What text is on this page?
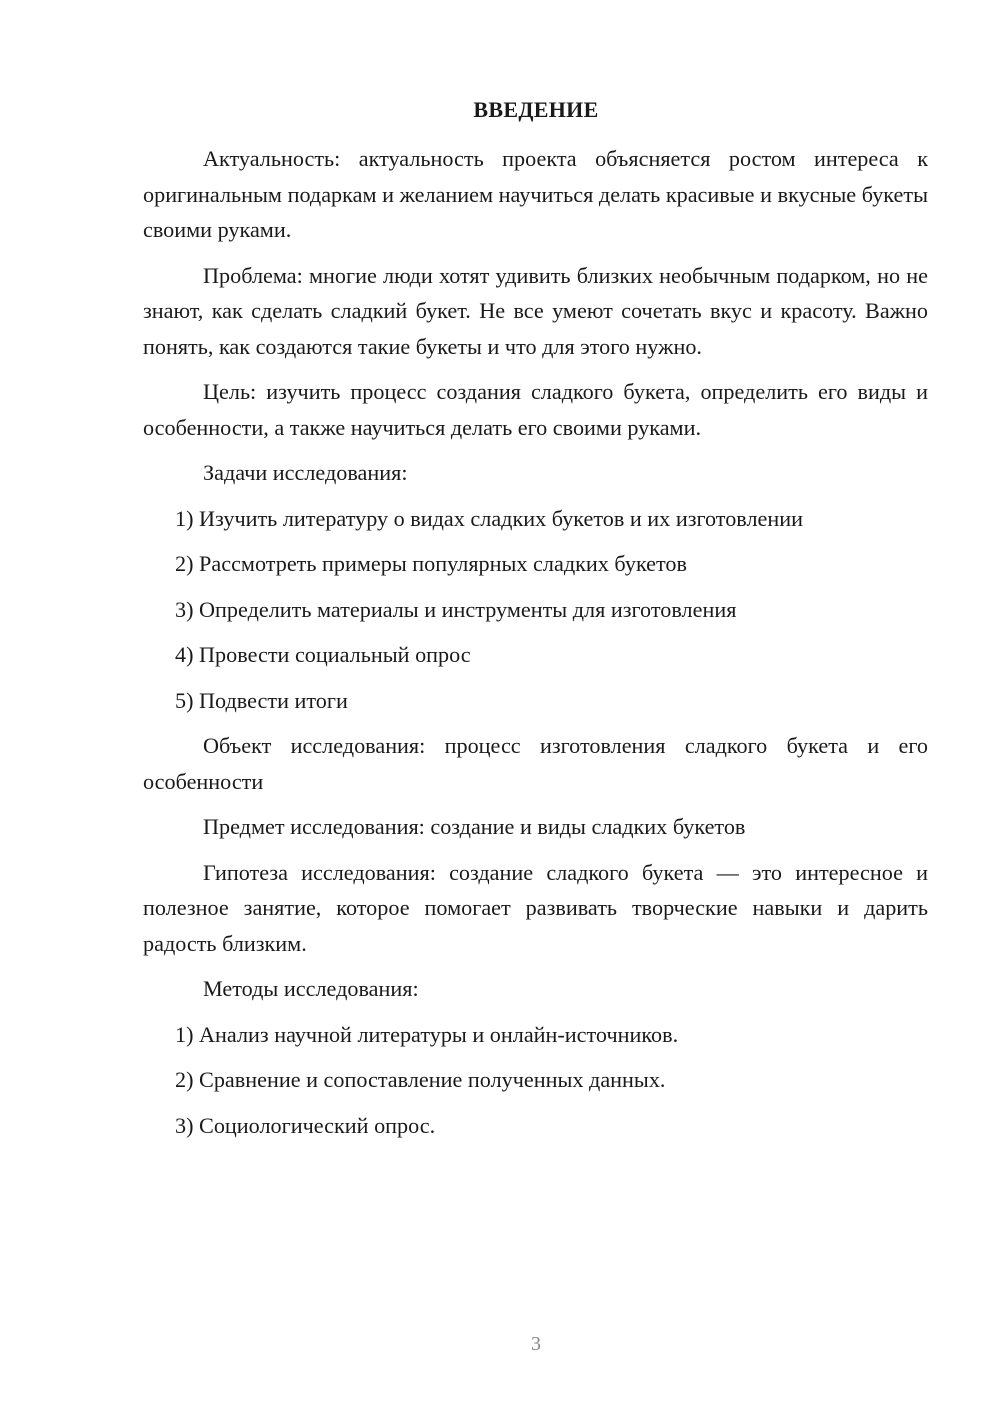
ВВЕДЕНИЕ

Актуальность: актуальность проекта объясняется ростом интереса к оригинальным подаркам и желанием научиться делать красивые и вкусные букеты своими руками.

Проблема: многие люди хотят удивить близких необычным подарком, но не знают, как сделать сладкий букет. Не все умеют сочетать вкус и красоту. Важно понять, как создаются такие букеты и что для этого нужно.

Цель: изучить процесс создания сладкого букета, определить его виды и особенности, а также научиться делать его своими руками.

Задачи исследования:

1) Изучить литературу о видах сладких букетов и их изготовлении
2) Рассмотреть примеры популярных сладких букетов
3) Определить материалы и инструменты для изготовления
4) Провести социальный опрос
5) Подвести итоги

Объект исследования: процесс изготовления сладкого букета и его особенности

Предмет исследования: создание и виды сладких букетов

Гипотеза исследования: создание сладкого букета — это интересное и полезное занятие, которое помогает развивать творческие навыки и дарить радость близким.

Методы исследования:

1) Анализ научной литературы и онлайн-источников.
2) Сравнение и сопоставление полученных данных.
3) Социологический опрос.
3
